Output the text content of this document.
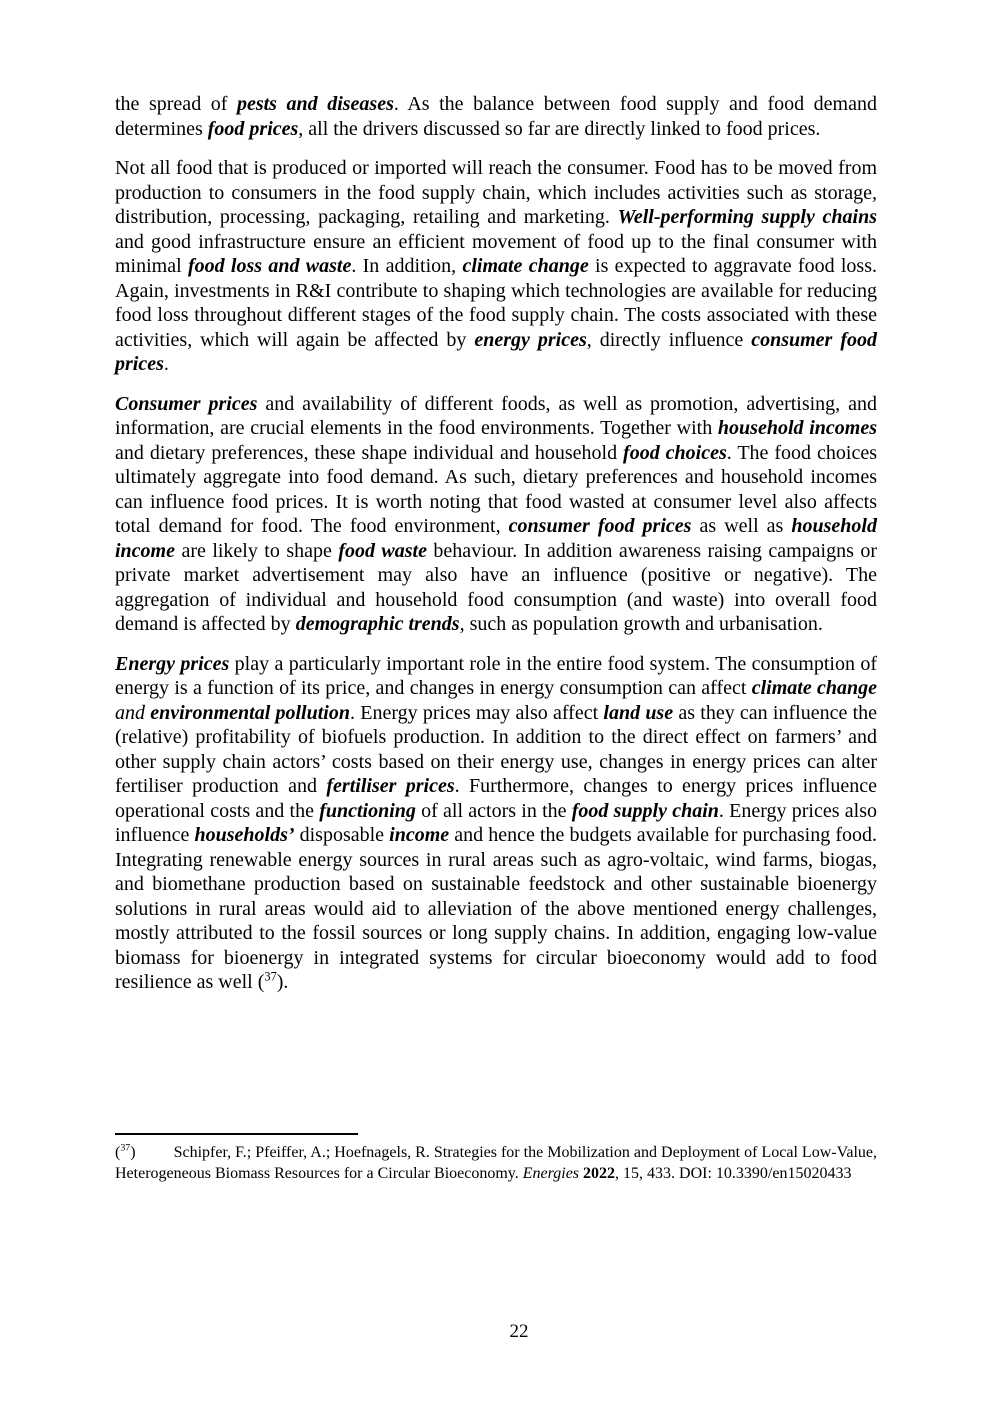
the spread of pests and diseases. As the balance between food supply and food demand determines food prices, all the drivers discussed so far are directly linked to food prices.

Not all food that is produced or imported will reach the consumer. Food has to be moved from production to consumers in the food supply chain, which includes activities such as storage, distribution, processing, packaging, retailing and marketing. Well-performing supply chains and good infrastructure ensure an efficient movement of food up to the final consumer with minimal food loss and waste. In addition, climate change is expected to aggravate food loss. Again, investments in R&I contribute to shaping which technologies are available for reducing food loss throughout different stages of the food supply chain. The costs associated with these activities, which will again be affected by energy prices, directly influence consumer food prices.

Consumer prices and availability of different foods, as well as promotion, advertising, and information, are crucial elements in the food environments. Together with household incomes and dietary preferences, these shape individual and household food choices. The food choices ultimately aggregate into food demand. As such, dietary preferences and household incomes can influence food prices. It is worth noting that food wasted at consumer level also affects total demand for food. The food environment, consumer food prices as well as household income are likely to shape food waste behaviour. In addition awareness raising campaigns or private market advertisement may also have an influence (positive or negative). The aggregation of individual and household food consumption (and waste) into overall food demand is affected by demographic trends, such as population growth and urbanisation.

Energy prices play a particularly important role in the entire food system. The consumption of energy is a function of its price, and changes in energy consumption can affect climate change and environmental pollution. Energy prices may also affect land use as they can influence the (relative) profitability of biofuels production. In addition to the direct effect on farmers’ and other supply chain actors’ costs based on their energy use, changes in energy prices can alter fertiliser production and fertiliser prices. Furthermore, changes to energy prices influence operational costs and the functioning of all actors in the food supply chain. Energy prices also influence households’ disposable income and hence the budgets available for purchasing food. Integrating renewable energy sources in rural areas such as agro-voltaic, wind farms, biogas, and biomethane production based on sustainable feedstock and other sustainable bioenergy solutions in rural areas would aid to alleviation of the above mentioned energy challenges, mostly attributed to the fossil sources or long supply chains. In addition, engaging low-value biomass for bioenergy in integrated systems for circular bioeconomy would add to food resilience as well ($^{37}$).

($^{37}$) Schipfer, F.; Pfeiffer, A.; Hoefnagels, R. Strategies for the Mobilization and Deployment of Local Low-Value, Heterogeneous Biomass Resources for a Circular Bioeconomy. Energies 2022, 15, 433. DOI: 10.3390/en15020433

22
